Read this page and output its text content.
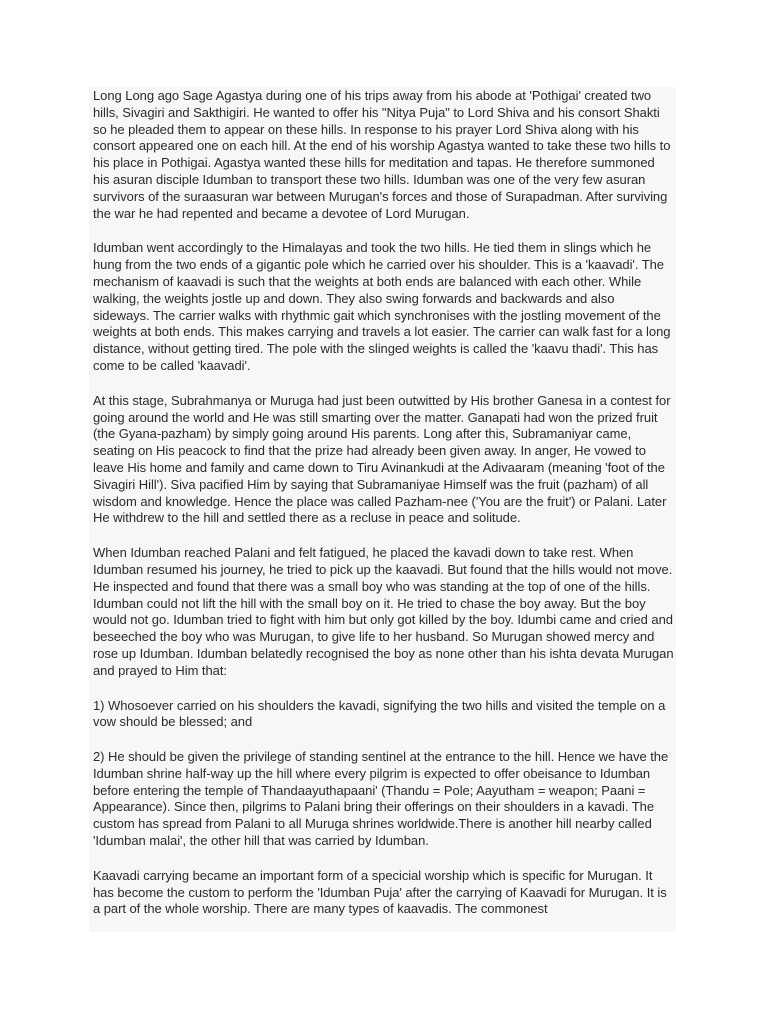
Long Long ago Sage Agastya during one of his trips away from his abode at 'Pothigai' created two hills, Sivagiri and Sakthigiri. He wanted to offer his "Nitya Puja" to Lord Shiva and his consort Shakti so he pleaded them to appear on these hills. In response to his prayer Lord Shiva along with his consort appeared one on each hill. At the end of his worship Agastya wanted to take these two hills to his place in Pothigai. Agastya wanted these hills for meditation and tapas. He therefore summoned his asuran disciple Idumban to transport these two hills. Idumban was one of the very few asuran survivors of the suraasuran war between Murugan's forces and those of Surapadman. After surviving the war he had repented and became a devotee of Lord Murugan.

Idumban went accordingly to the Himalayas and took the two hills. He tied them in slings which he hung from the two ends of a gigantic pole which he carried over his shoulder. This is a 'kaavadi'. The mechanism of kaavadi is such that the weights at both ends are balanced with each other. While walking, the weights jostle up and down. They also swing forwards and backwards and also sideways. The carrier walks with rhythmic gait which synchronises with the jostling movement of the weights at both ends. This makes carrying and travels a lot easier. The carrier can walk fast for a long distance, without getting tired. The pole with the slinged weights is called the 'kaavu thadi'. This has come to be called 'kaavadi'.

At this stage, Subrahmanya or Muruga had just been outwitted by His brother Ganesa in a contest for going around the world and He was still smarting over the matter. Ganapati had won the prized fruit (the Gyana-pazham) by simply going around His parents. Long after this, Subramaniyar came, seating on His peacock to find that the prize had already been given away. In anger, He vowed to leave His home and family and came down to Tiru Avinankudi at the Adivaaram (meaning 'foot of the Sivagiri Hill'). Siva pacified Him by saying that Subramaniyae Himself was the fruit (pazham) of all wisdom and knowledge. Hence the place was called Pazham-nee ('You are the fruit') or Palani. Later He withdrew to the hill and settled there as a recluse in peace and solitude.

When Idumban reached Palani and felt fatigued, he placed the kavadi down to take rest. When Idumban resumed his journey, he tried to pick up the kaavadi. But found that the hills would not move. He inspected and found that there was a small boy who was standing at the top of one of the hills. Idumban could not lift the hill with the small boy on it. He tried to chase the boy away. But the boy would not go. Idumban tried to fight with him but only got killed by the boy. Idumbi came and cried and beseeched the boy who was Murugan, to give life to her husband. So Murugan showed mercy and rose up Idumban. Idumban belatedly recognised the boy as none other than his ishta devata Murugan and prayed to Him that:

1) Whosoever carried on his shoulders the kavadi, signifying the two hills and visited the temple on a vow should be blessed; and

2) He should be given the privilege of standing sentinel at the entrance to the hill. Hence we have the Idumban shrine half-way up the hill where every pilgrim is expected to offer obeisance to Idumban before entering the temple of Thandaayuthapaani' (Thandu = Pole; Aayutham = weapon; Paani = Appearance). Since then, pilgrims to Palani bring their offerings on their shoulders in a kavadi. The custom has spread from Palani to all Muruga shrines worldwide.There is another hill nearby called 'Idumban malai', the other hill that was carried by Idumban.

Kaavadi carrying became an important form of a specicial worship which is specific for Murugan. It has become the custom to perform the 'Idumban Puja' after the carrying of Kaavadi for Murugan. It is a part of the whole worship. There are many types of kaavadis. The commonest
